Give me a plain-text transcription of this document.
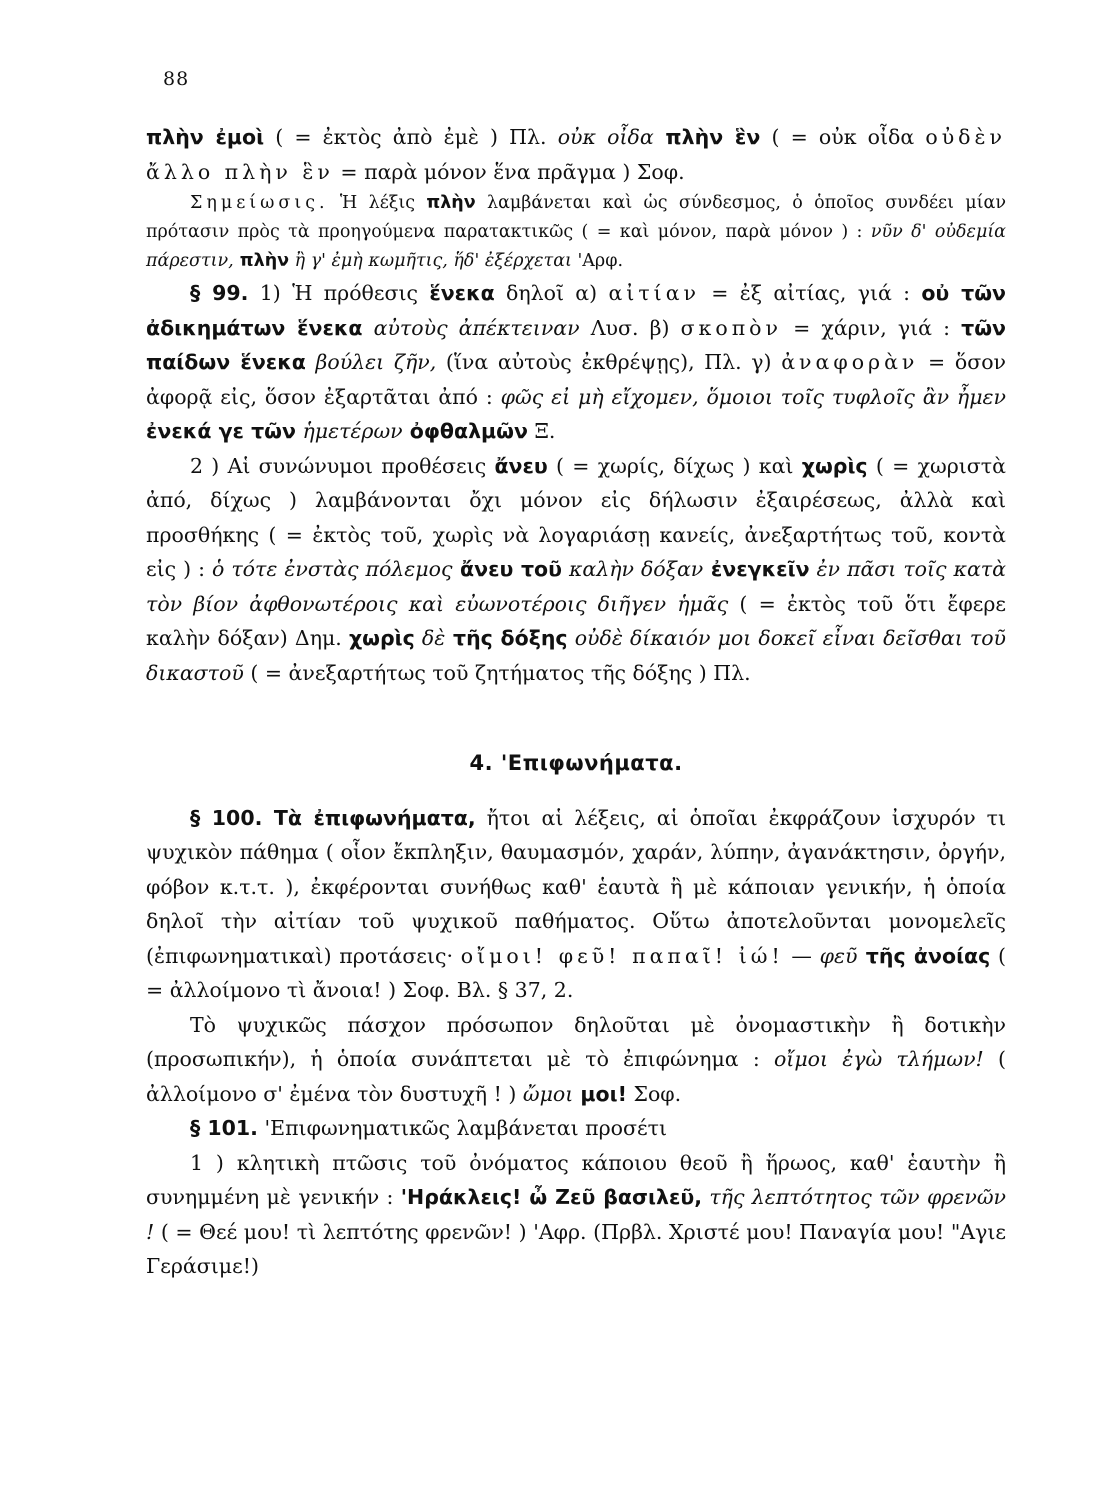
88

πλὴν ἐμοὶ ( = ἐκτὸς ἀπὸ ἐμὲ ) Πλ. οὐκ οἶδα πλὴν ἓν ( = οὐκ οἶδα οὐδὲν ἄλλο πλὴν ἓν = παρὰ μόνον ἕνα πρᾶγμα ) Σοφ.

Σημείωσις. Ἡ λέξις πλὴν λαμβάνεται καὶ ὡς σύνδεσμος, ὁ ὁποῖος συνδέει μίαν πρότασιν πρὸς τὰ προηγούμενα παρατακτικῶς ( = καὶ μόνον, παρὰ μόνον ) : νῦν δ' οὐδεμία πάρεστιν, πλὴν ἢ γ' ἐμὴ κωμῆτις, ἥδ' ἐξέρχεται 'Αρφ.

§ 99. 1) Ἡ πρόθεσις ἕνεκα δηλοῖ α) αἰτίαν = ἐξ αἰτίας, γιά : οὐ τῶν ἀδικημάτων ἕνεκα αὐτοὺς ἀπέκτειναν Λυσ. β) σκοπὸν = χάριν, γιά : τῶν παίδων ἕνεκα βούλει ζῆν, (ἵνα αὐτοὺς ἐκθρέψῃς), Πλ. γ) ἀναφορὰν = ὅσον ἀφορᾷ εἰς, ὅσον ἐξαρτᾶται ἀπό : φῶς εἰ μὴ εἴχομεν, ὅμοιοι τοῖς τυφλοῖς ἂν ἦμεν ἐνεκά γε τῶν ἡμετέρων ὀφθαλμῶν Ξ.

2 ) Αἱ συνώνυμοι προθέσεις ἄνευ ( = χωρίς, δίχως ) καὶ χωρὶς ( = χωριστὰ ἀπό, δίχως ) λαμβάνονται ὄχι μόνον εἰς δήλωσιν ἐξαιρέσεως, ἀλλὰ καὶ προσθήκης ( = ἐκτὸς τοῦ, χωρὶς νὰ λογαριάσῃ κανείς, ἀνεξαρτήτως τοῦ, κοντὰ εἰς ) : ὁ τότε ἐνστὰς πόλεμος ἄνευ τοῦ καλὴν δόξαν ἐνεγκεῖν ἐν πᾶσι τοῖς κατὰ τὸν βίον ἀφθονωτέροις καὶ εὐωνοτέροις διῆγεν ἡμᾶς ( = ἐκτὸς τοῦ ὅτι ἔφερε καλὴν δόξαν) Δημ. χωρὶς δὲ τῆς δόξης οὐδὲ δίκαιόν μοι δοκεῖ εἶναι δεῖσθαι τοῦ δικαστοῦ ( = ἀνεξαρτήτως τοῦ ζητήματος τῆς δόξης ) Πλ.

4. 'Επιφωνήματα.

§ 100. Τὰ ἐπιφωνήματα, ἤτοι αἱ λέξεις, αἱ ὁποῖαι ἐκφράζουν ἰσχυρόν τι ψυχικὸν πάθημα ( οἷον ἔκπληξιν, θαυμασμόν, χαράν, λύπην, ἀγανάκτησιν, ὀργήν, φόβον κ.τ.τ. ), ἐκφέρονται συνήθως καθ' ἑαυτὰ ἢ μὲ κάποιαν γενικήν, ἡ ὁποία δηλοῖ τὴν αἰτίαν τοῦ ψυχικοῦ παθήματος. Οὕτω ἀποτελοῦνται μονομελεῖς (ἐπιφωνηματικαὶ) προτάσεις· οἴμοι! φεῦ! παπαῖ! ἰώ! — φεῦ τῆς ἀνοίας ( = ἀλλοίμονο τὶ ἄνοια! ) Σοφ. Βλ. § 37, 2.

Τὸ ψυχικῶς πάσχον πρόσωπον δηλοῦται μὲ ὀνομαστικὴν ἢ δοτικὴν (προσωπικήν), ἡ ὁποία συνάπτεται μὲ τὸ ἐπιφώνημα : οἴμοι ἐγὼ τλήμων! ( ἀλλοίμονο σ' ἐμένα τὸν δυστυχῆ ! ) ὤμοι μοι! Σοφ.

§ 101. 'Επιφωνηματικῶς λαμβάνεται προσέτι

1 ) κλητικὴ πτῶσις τοῦ ὀνόματος κάποιου θεοῦ ἢ ἥρωος, καθ' ἑαυτὴν ἢ συνημμένη μὲ γενικήν : 'Ηράκλεις! ὦ Ζεῦ βασιλεῦ, τῆς λεπτότητος τῶν φρενῶν ! ( = Θεέ μου! τὶ λεπτότης φρενῶν! ) 'Αφρ. (Πρβλ. Χριστέ μου! Παναγία μου! "Αγιε Γεράσιμε!)
